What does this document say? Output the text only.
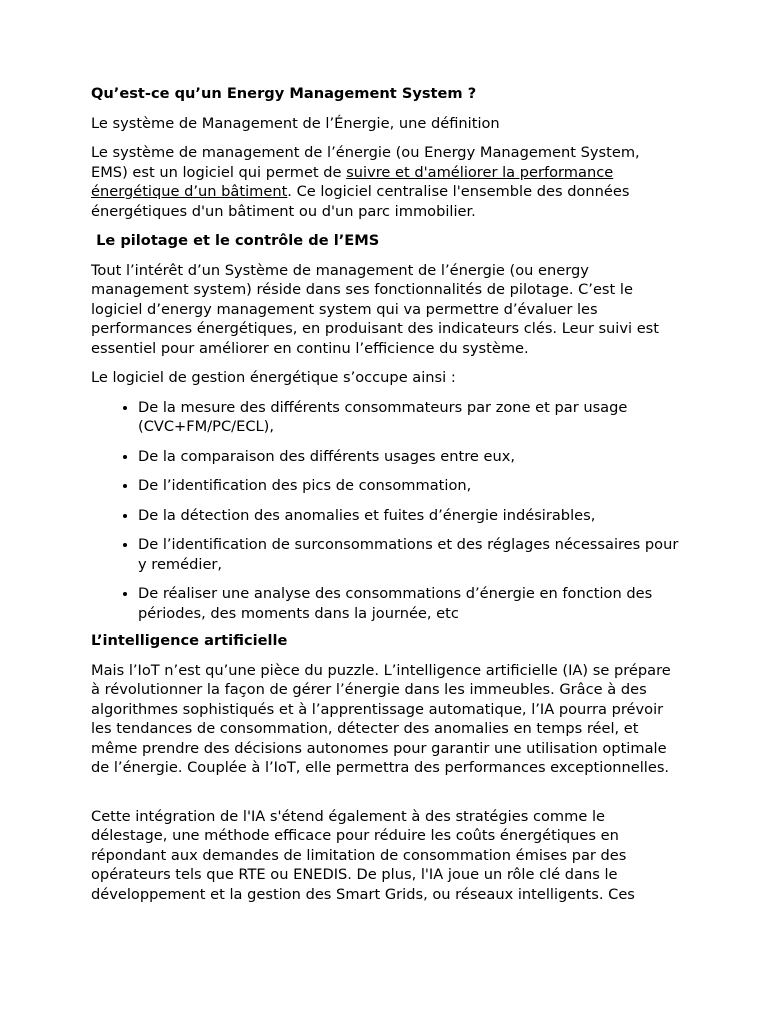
Qu’est-ce qu’un Energy Management System ?

Le système de Management de l’Énergie, une définition

Le système de management de l’énergie (ou Energy Management System, EMS) est un logiciel qui permet de suivre et d'améliorer la performance énergétique d’un bâtiment. Ce logiciel centralise l'ensemble des données énergétiques d'un bâtiment ou d'un parc immobilier.

Le pilotage et le contrôle de l’EMS

Tout l’intérêt d’un Système de management de l’énergie (ou energy management system) réside dans ses fonctionnalités de pilotage. C’est le logiciel d’energy management system qui va permettre d’évaluer les performances énergétiques, en produisant des indicateurs clés. Leur suivi est essentiel pour améliorer en continu l’efficience du système.

Le logiciel de gestion énergétique s’occupe ainsi :

• De la mesure des différents consommateurs par zone et par usage (CVC+FM/PC/ECL),
• De la comparaison des différents usages entre eux,
• De l’identification des pics de consommation,
• De la détection des anomalies et fuites d’énergie indésirables,
• De l’identification de surconsommations et des réglages nécessaires pour y remédier,
• De réaliser une analyse des consommations d’énergie en fonction des périodes, des moments dans la journée, etc

L’intelligence artificielle

Mais l’IoT n’est qu’une pièce du puzzle. L’intelligence artificielle (IA) se prépare à révolutionner la façon de gérer l’énergie dans les immeubles. Grâce à des algorithmes sophistiqués et à l’apprentissage automatique, l’IA pourra prévoir les tendances de consommation, détecter des anomalies en temps réel, et même prendre des décisions autonomes pour garantir une utilisation optimale de l’énergie. Couplée à l’IoT, elle permettra des performances exceptionnelles.

Cette intégration de l'IA s'étend également à des stratégies comme le délestage, une méthode efficace pour réduire les coûts énergétiques en répondant aux demandes de limitation de consommation émises par des opérateurs tels que RTE ou ENEDIS. De plus, l'IA joue un rôle clé dans le développement et la gestion des Smart Grids, ou réseaux intelligents. Ces
